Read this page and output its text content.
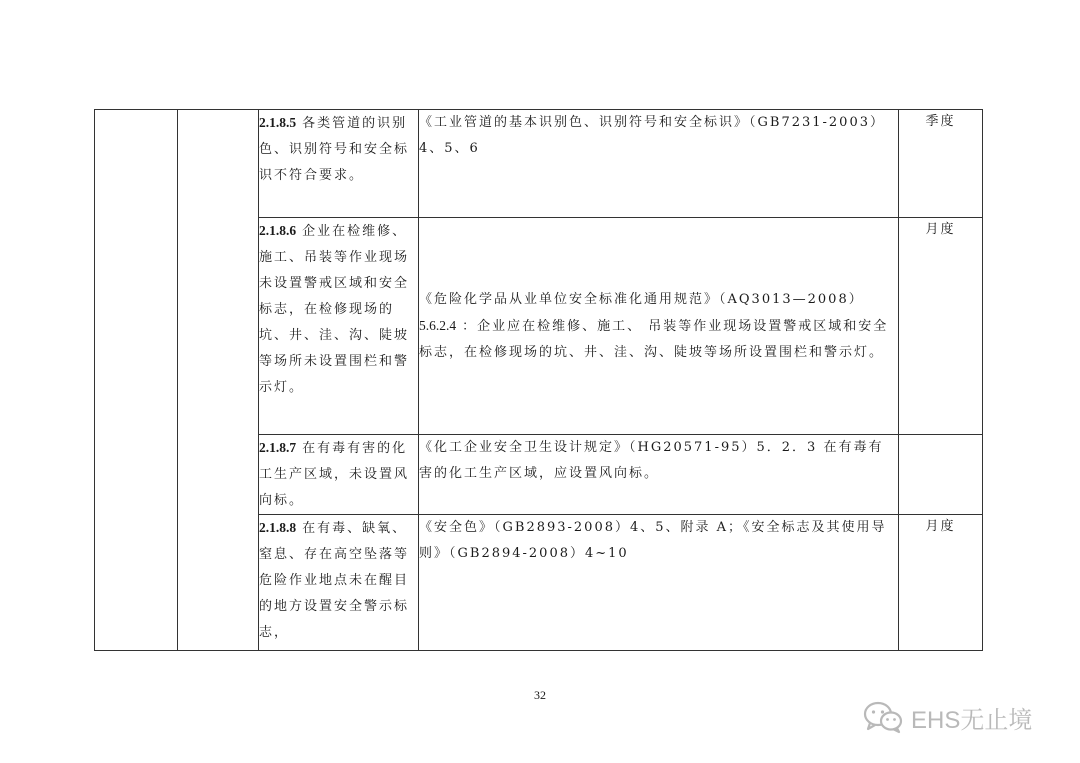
		2.1.8.5 各类管道的识别色、识别符号和安全标识不符合要求。	《工业管道的基本识别色、识别符号和安全标识》（GB7231-2003）4、5、6	季度
		2.1.8.6 企业在检维修、施工、吊装等作业现场未设置警戒区域和安全标志，在检修现场的坑、井、洼、沟、陡坡等场所未设置围栏和警示灯。	《危险化学品从业单位安全标准化通用规范》（AQ3013—2008）5.6.2.4 ：企业应在检维修、施工、 吊装等作业现场设置警戒区域和安全标志，在检修现场的坑、井、洼、沟、陡坡等场所设置围栏和警示灯。	月度
		2.1.8.7 在有毒有害的化工生产区域，未设置风向标。	《化工企业安全卫生设计规定》（HG20571-95）5．2．3 在有毒有害的化工生产区域，应设置风向标。	
		2.1.8.8 在有毒、缺氧、窒息、存在高空坠落等危险作业地点未在醒目的地方设置安全警示标志，	《安全色》（GB2893-2008）4、5、附录 A；《安全标志及其使用导则》（GB2894-2008）4~10	月度
32
EHS无止境
